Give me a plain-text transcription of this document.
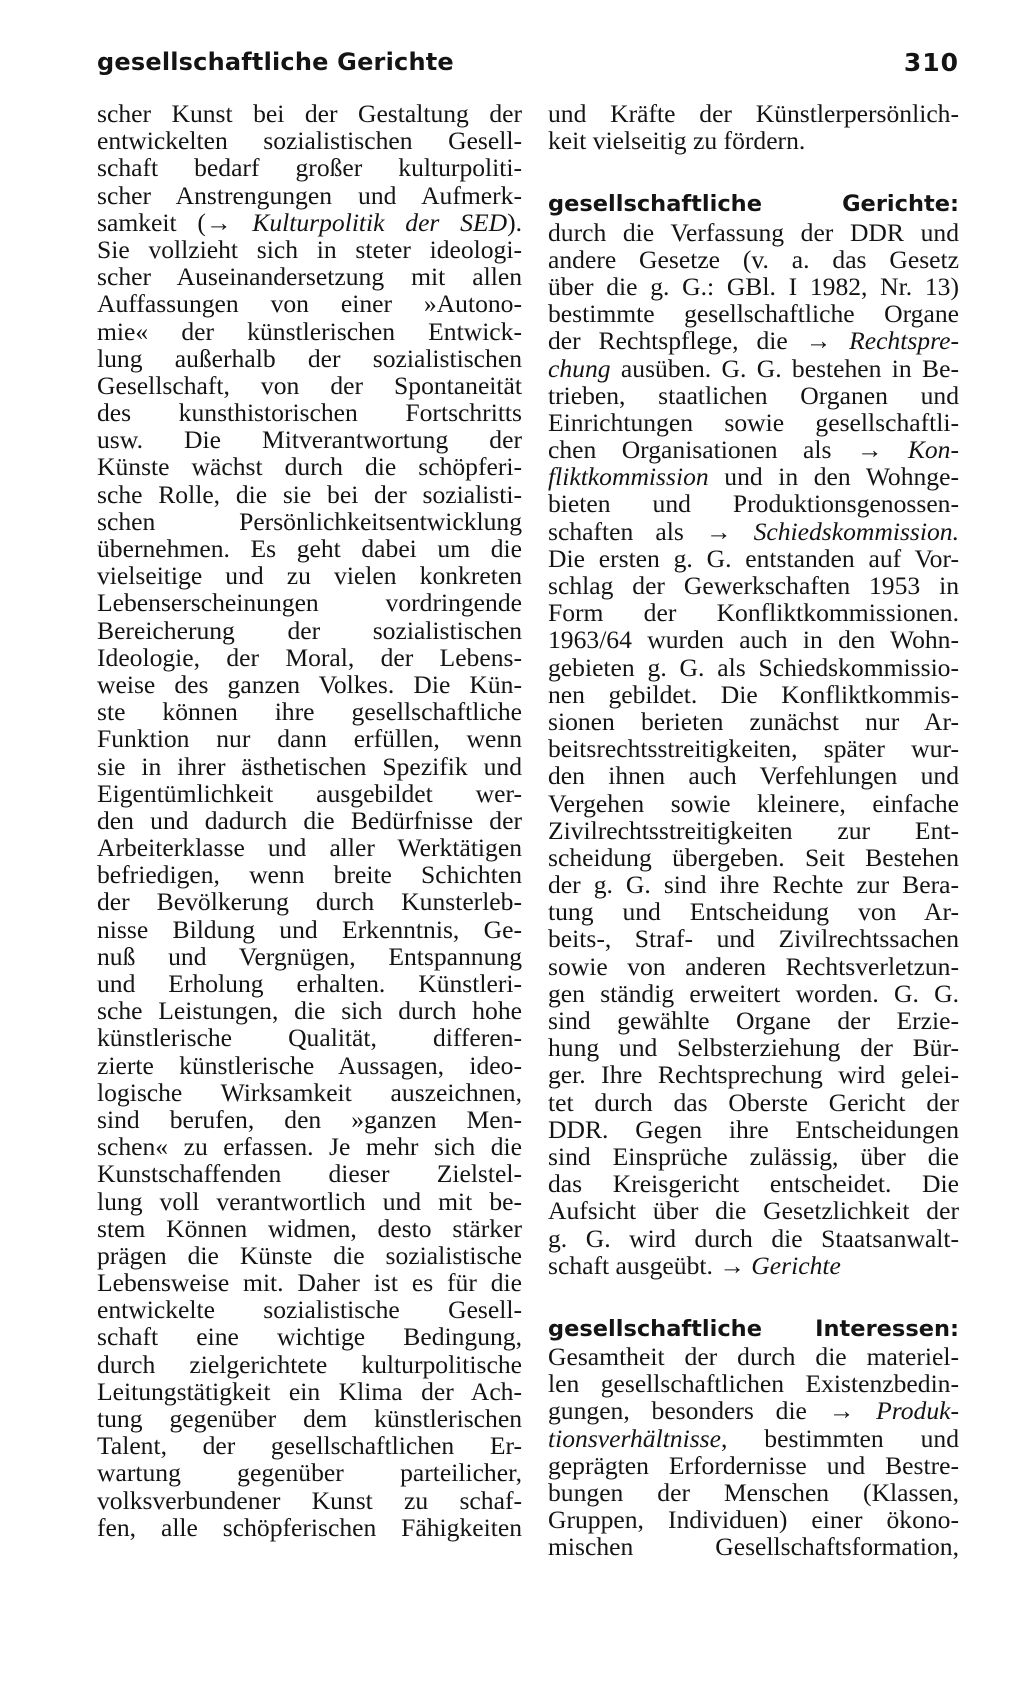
gesellschaftliche Gerichte	310
scher Kunst bei der Gestaltung der
entwickelten sozialistischen Gesell-
schaft bedarf großer kulturpoliti-
scher Anstrengungen und Aufmerk-
samkeit (→ Kulturpolitik der SED).
Sie vollzieht sich in steter ideologi-
scher Auseinandersetzung mit allen
Auffassungen von einer »Autono-
mie« der künstlerischen Entwick-
lung außerhalb der sozialistischen
Gesellschaft, von der Spontaneität
des kunsthistorischen Fortschritts
usw. Die Mitverantwortung der
Künste wächst durch die schöpferi-
sche Rolle, die sie bei der sozialisti-
schen Persönlichkeitsentwicklung
übernehmen. Es geht dabei um die
vielseitige und zu vielen konkreten
Lebenserscheinungen vordringende
Bereicherung der sozialistischen
Ideologie, der Moral, der Lebens-
weise des ganzen Volkes. Die Kün-
ste können ihre gesellschaftliche
Funktion nur dann erfüllen, wenn
sie in ihrer ästhetischen Spezifik und
Eigentümlichkeit ausgebildet wer-
den und dadurch die Bedürfnisse der
Arbeiterklasse und aller Werktätigen
befriedigen, wenn breite Schichten
der Bevölkerung durch Kunsterleb-
nisse Bildung und Erkenntnis, Ge-
nuß und Vergnügen, Entspannung
und Erholung erhalten. Künstleri-
sche Leistungen, die sich durch hohe
künstlerische Qualität, differen-
zierte künstlerische Aussagen, ideo-
logische Wirksamkeit auszeichnen,
sind berufen, den »ganzen Men-
schen« zu erfassen. Je mehr sich die
Kunstschaffenden dieser Zielstel-
lung voll verantwortlich und mit be-
stem Können widmen, desto stärker
prägen die Künste die sozialistische
Lebensweise mit. Daher ist es für die
entwickelte sozialistische Gesell-
schaft eine wichtige Bedingung,
durch zielgerichtete kulturpolitische
Leitungstätigkeit ein Klima der Ach-
tung gegenüber dem künstlerischen
Talent, der gesellschaftlichen Er-
wartung gegenüber parteilicher,
volksverbundener Kunst zu schaf-
fen, alle schöpferischen Fähigkeiten
und Kräfte der Künstlerpersönlich-
keit vielseitig zu fördern.
gesellschaftliche Gerichte:
durch die Verfassung der DDR und
andere Gesetze (v. a. das Gesetz
über die g. G.: GBl. I 1982, Nr. 13)
bestimmte gesellschaftliche Organe
der Rechtspflege, die → Rechtspre-
chung ausüben. G. G. bestehen in Be-
trieben, staatlichen Organen und
Einrichtungen sowie gesellschaftli-
chen Organisationen als → Kon-
fliktkommission und in den Wohnge-
bieten und Produktionsgenossen-
schaften als → Schiedskommission.
Die ersten g. G. entstanden auf Vor-
schlag der Gewerkschaften 1953 in
Form der Konfliktkommissionen.
1963/64 wurden auch in den Wohn-
gebieten g. G. als Schiedskommissio-
nen gebildet. Die Konfliktkommis-
sionen berieten zunächst nur Ar-
beitsrechtsstreitigkeiten, später wur-
den ihnen auch Verfehlungen und
Vergehen sowie kleinere, einfache
Zivilrechtsstreitigkeiten zur Ent-
scheidung übergeben. Seit Bestehen
der g. G. sind ihre Rechte zur Bera-
tung und Entscheidung von Ar-
beits-, Straf- und Zivilrechtssachen
sowie von anderen Rechtsverletzun-
gen ständig erweitert worden. G. G.
sind gewählte Organe der Erzie-
hung und Selbsterziehung der Bür-
ger. Ihre Rechtsprechung wird gelei-
tet durch das Oberste Gericht der
DDR. Gegen ihre Entscheidungen
sind Einsprüche zulässig, über die
das Kreisgericht entscheidet. Die
Aufsicht über die Gesetzlichkeit der
g. G. wird durch die Staatsanwalt-
schaft ausgeübt. → Gerichte
gesellschaftliche Interessen:
Gesamtheit der durch die materiel-
len gesellschaftlichen Existenzbedin-
gungen, besonders die → Produk-
tionsverhältnisse, bestimmten und
geprägten Erfordernisse und Bestre-
bungen der Menschen (Klassen,
Gruppen, Individuen) einer ökono-
mischen Gesellschaftsformation,
